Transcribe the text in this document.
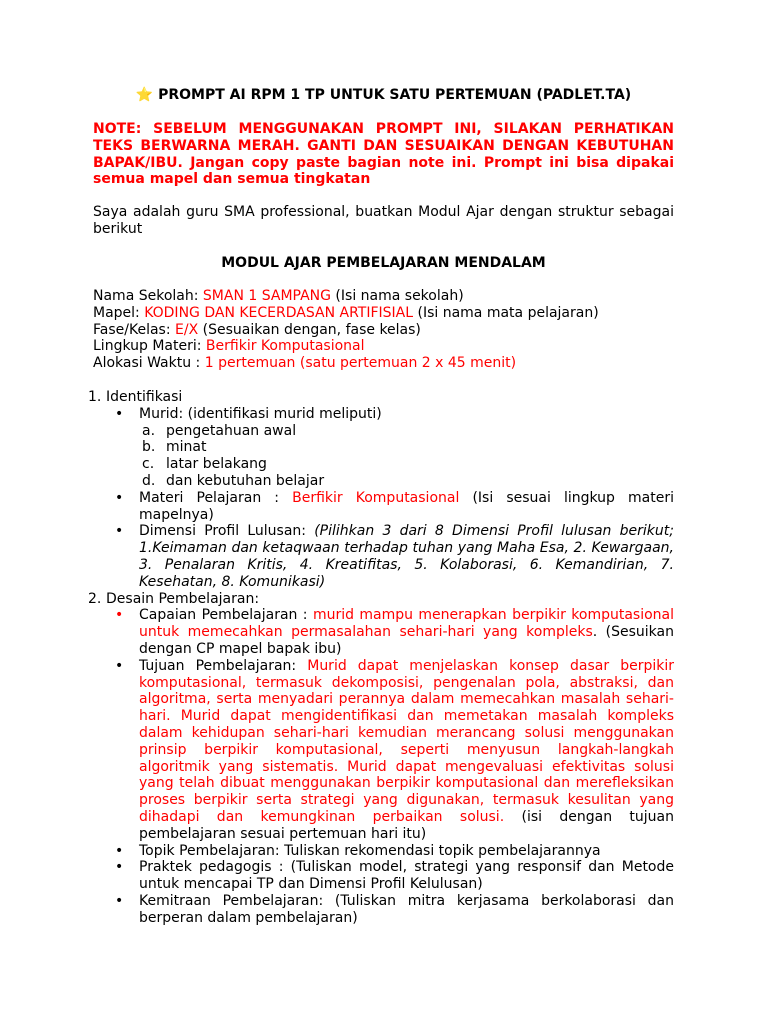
⭐ PROMPT AI RPM 1 TP UNTUK SATU PERTEMUAN (PADLET.TA)

NOTE: SEBELUM MENGGUNAKAN PROMPT INI, SILAKAN PERHATIKAN TEKS BERWARNA MERAH. GANTI DAN SESUAIKAN DENGAN KEBUTUHAN BAPAK/IBU. Jangan copy paste bagian note ini. Prompt ini bisa dipakai semua mapel dan semua tingkatan

Saya adalah guru SMA professional, buatkan Modul Ajar dengan struktur sebagai berikut

MODUL AJAR PEMBELAJARAN MENDALAM

Nama Sekolah: SMAN 1 SAMPANG (Isi nama sekolah)

Mapel: KODING DAN KECERDASAN ARTIFISIAL (Isi nama mata pelajaran)

Fase/Kelas: E/X (Sesuaikan dengan, fase kelas)

Lingkup Materi: Berfikir Komputasional

Alokasi Waktu : 1 pertemuan (satu pertemuan 2 x 45 menit)

1. Identifikasi
• Murid: (identifikasi murid meliputi)
a. pengetahuan awal
b. minat
c. latar belakang
d. dan kebutuhan belajar
• Materi Pelajaran : Berfikir Komputasional (Isi sesuai lingkup materi mapelnya)
• Dimensi Profil Lulusan: (Pilihkan 3 dari 8 Dimensi Profil lulusan berikut; 1.Keimaman dan ketaqwaan terhadap tuhan yang Maha Esa, 2. Kewargaan, 3. Penalaran Kritis, 4. Kreatifitas, 5. Kolaborasi, 6. Kemandirian, 7. Kesehatan, 8. Komunikasi)
2. Desain Pembelajaran:
• Capaian Pembelajaran : murid mampu menerapkan berpikir komputasional untuk memecahkan permasalahan sehari-hari yang kompleks. (Sesuikan dengan CP mapel bapak ibu)
• Tujuan Pembelajaran: Murid dapat menjelaskan konsep dasar berpikir komputasional, termasuk dekomposisi, pengenalan pola, abstraksi, dan algoritma, serta menyadari perannya dalam memecahkan masalah sehari-hari. Murid dapat mengidentifikasi dan memetakan masalah kompleks dalam kehidupan sehari-hari kemudian merancang solusi menggunakan prinsip berpikir komputasional, seperti menyusun langkah-langkah algoritmik yang sistematis. Murid dapat mengevaluasi efektivitas solusi yang telah dibuat menggunakan berpikir komputasional dan merefleksikan proses berpikir serta strategi yang digunakan, termasuk kesulitan yang dihadapi dan kemungkinan perbaikan solusi. (isi dengan tujuan pembelajaran sesuai pertemuan hari itu)
• Topik Pembelajaran: Tuliskan rekomendasi topik pembelajarannya
• Praktek pedagogis : (Tuliskan model, strategi yang responsif dan Metode untuk mencapai TP dan Dimensi Profil Kelulusan)
• Kemitraan Pembelajaran: (Tuliskan mitra kerjasama berkolaborasi dan berperan dalam pembelajaran)
